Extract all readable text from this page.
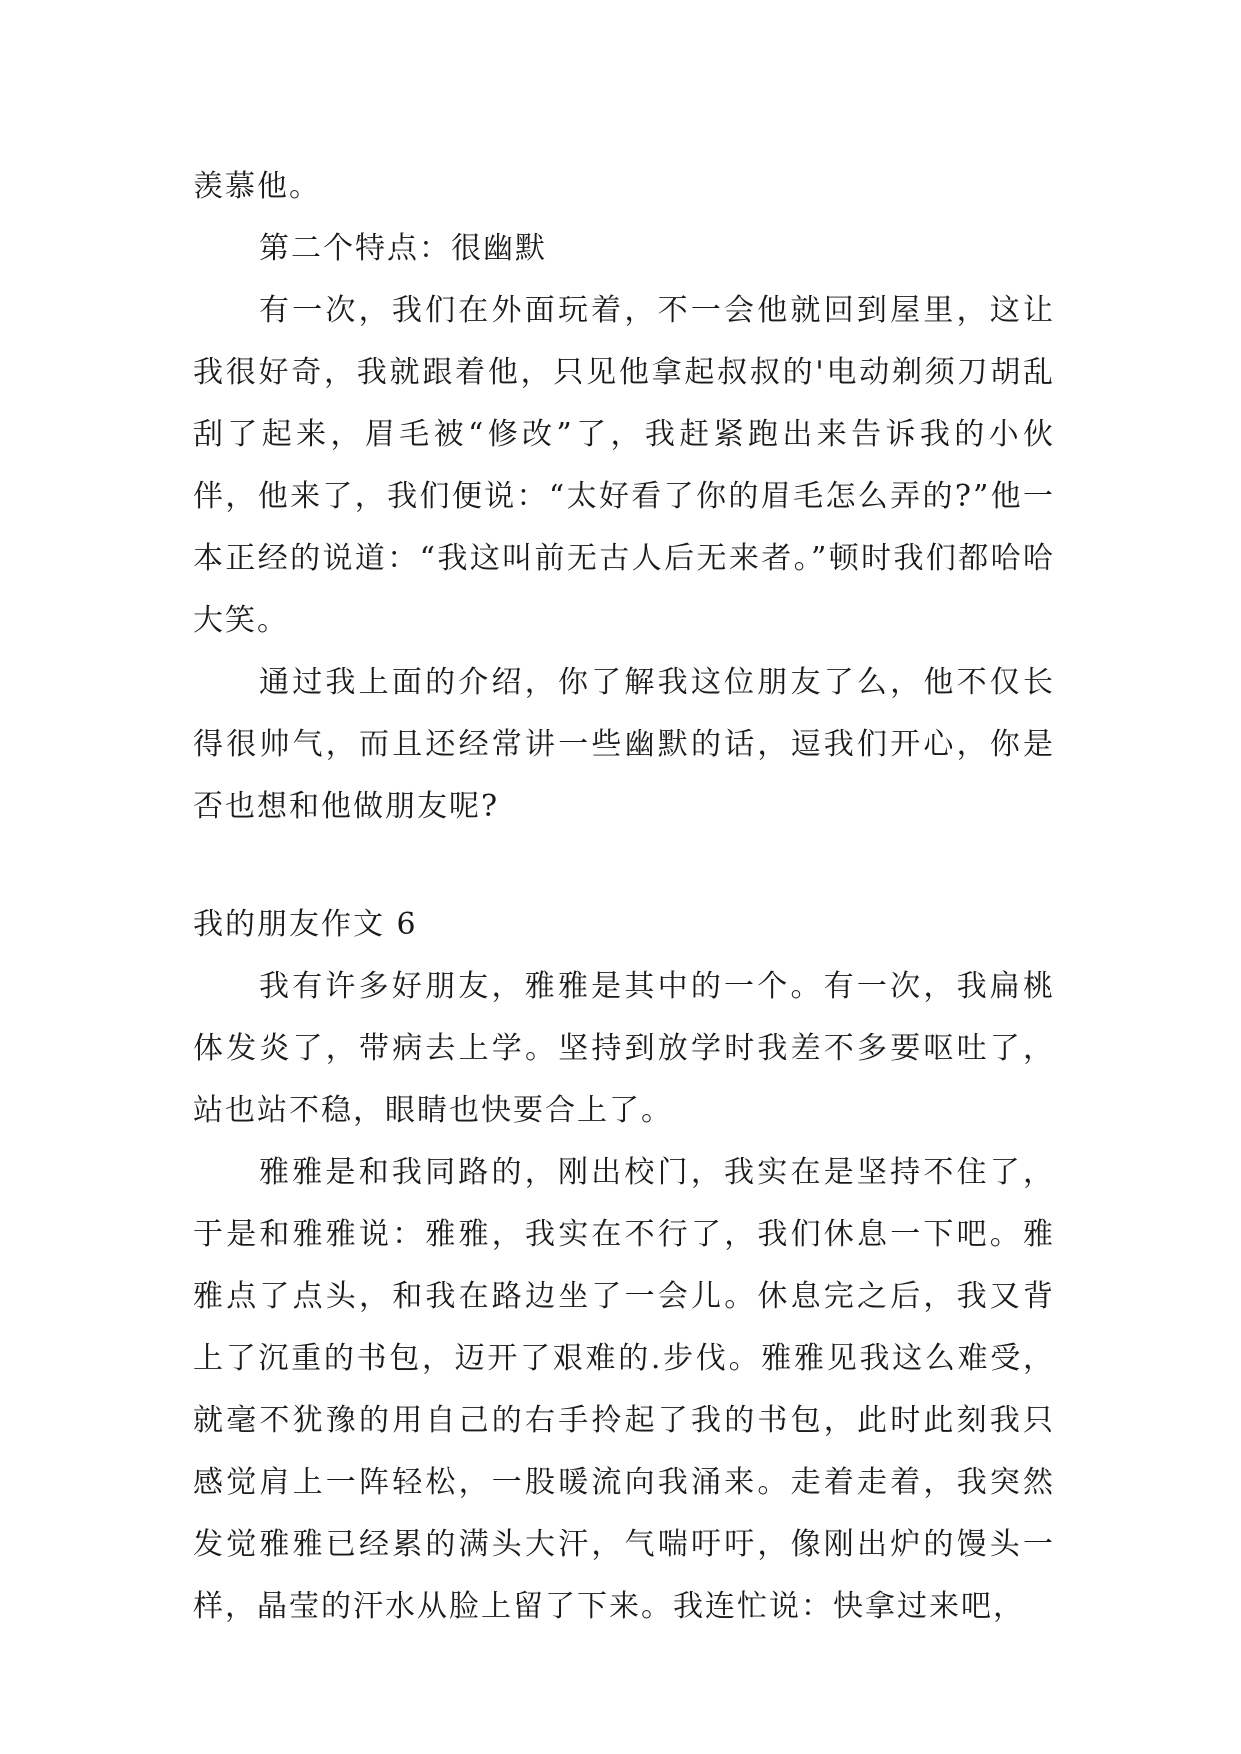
羡慕他。

第二个特点：很幽默

有一次，我们在外面玩着，不一会他就回到屋里，这让我很好奇，我就跟着他，只见他拿起叔叔的'电动剃须刀胡乱刮了起来，眉毛被“修改”了，我赶紧跑出来告诉我的小伙伴，他来了，我们便说：“太好看了你的眉毛怎么弄的?”他一本正经的说道：“我这叫前无古人后无来者。”顿时我们都哈哈大笑。

通过我上面的介绍，你了解我这位朋友了么，他不仅长得很帅气，而且还经常讲一些幽默的话，逗我们开心，你是否也想和他做朋友呢?

我的朋友作文 6

我有许多好朋友，雅雅是其中的一个。有一次，我扁桃体发炎了，带病去上学。坚持到放学时我差不多要呕吐了，站也站不稳，眼睛也快要合上了。

雅雅是和我同路的，刚出校门，我实在是坚持不住了，于是和雅雅说：雅雅，我实在不行了，我们休息一下吧。雅雅点了点头，和我在路边坐了一会儿。休息完之后，我又背上了沉重的书包，迈开了艰难的.步伐。雅雅见我这么难受，就毫不犹豫的用自己的右手拎起了我的书包，此时此刻我只感觉肩上一阵轻松，一股暖流向我涌来。走着走着，我突然发觉雅雅已经累的满头大汗，气喘吁吁，像刚出炉的馒头一样，晶莹的汗水从脸上留了下来。我连忙说：快拿过来吧，
